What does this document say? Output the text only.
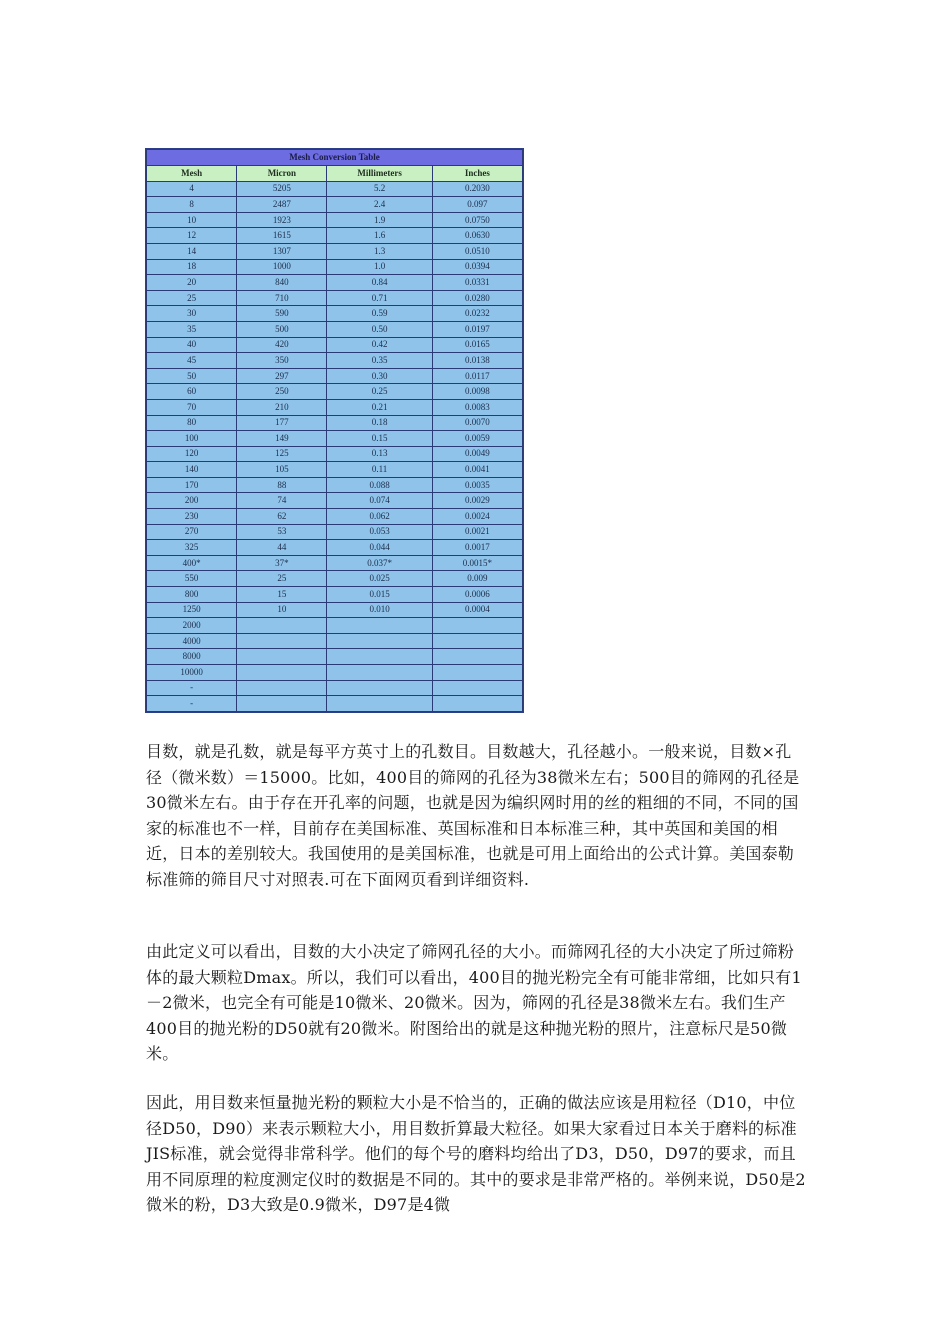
Mesh Conversion Table			
Mesh	Micron	Millimeters	Inches
4	5205	5.2	0.2030
8	2487	2.4	0.097
10	1923	1.9	0.0750
12	1615	1.6	0.0630
14	1307	1.3	0.0510
18	1000	1.0	0.0394
20	840	0.84	0.0331
25	710	0.71	0.0280
30	590	0.59	0.0232
35	500	0.50	0.0197
40	420	0.42	0.0165
45	350	0.35	0.0138
50	297	0.30	0.0117
60	250	0.25	0.0098
70	210	0.21	0.0083
80	177	0.18	0.0070
100	149	0.15	0.0059
120	125	0.13	0.0049
140	105	0.11	0.0041
170	88	0.088	0.0035
200	74	0.074	0.0029
230	62	0.062	0.0024
270	53	0.053	0.0021
325	44	0.044	0.0017
400*	37*	0.037*	0.0015*
550	25	0.025	0.009
800	15	0.015	0.0006
1250	10	0.010	0.0004
2000			
4000			
8000			
10000			
-			
-			

目数，就是孔数，就是每平方英寸上的孔数目。目数越大，孔径越小。一般来说，目数×孔径（微米数）＝15000。比如，400目的筛网的孔径为38微米左右；500目的筛网的孔径是30微米左右。由于存在开孔率的问题，也就是因为编织网时用的丝的粗细的不同，不同的国家的标准也不一样，目前存在美国标准、英国标准和日本标准三种，其中英国和美国的相近，日本的差别较大。我国使用的是美国标准，也就是可用上面给出的公式计算。美国泰勒标准筛的筛目尺寸对照表.可在下面网页看到详细资料.

由此定义可以看出，目数的大小决定了筛网孔径的大小。而筛网孔径的大小决定了所过筛粉体的最大颗粒Dmax。所以，我们可以看出，400目的抛光粉完全有可能非常细，比如只有1－2微米，也完全有可能是10微米、20微米。因为，筛网的孔径是38微米左右。我们生产400目的抛光粉的D50就有20微米。附图给出的就是这种抛光粉的照片，注意标尺是50微米。

因此，用目数来恒量抛光粉的颗粒大小是不恰当的，正确的做法应该是用粒径（D10，中位径D50，D90）来表示颗粒大小，用目数折算最大粒径。如果大家看过日本关于磨料的标准JIS标准，就会觉得非常科学。他们的每个号的磨料均给出了D3，D50，D97的要求，而且用不同原理的粒度测定仪时的数据是不同的。其中的要求是非常严格的。举例来说，D50是2微米的粉，D3大致是0.9微米，D97是4微
